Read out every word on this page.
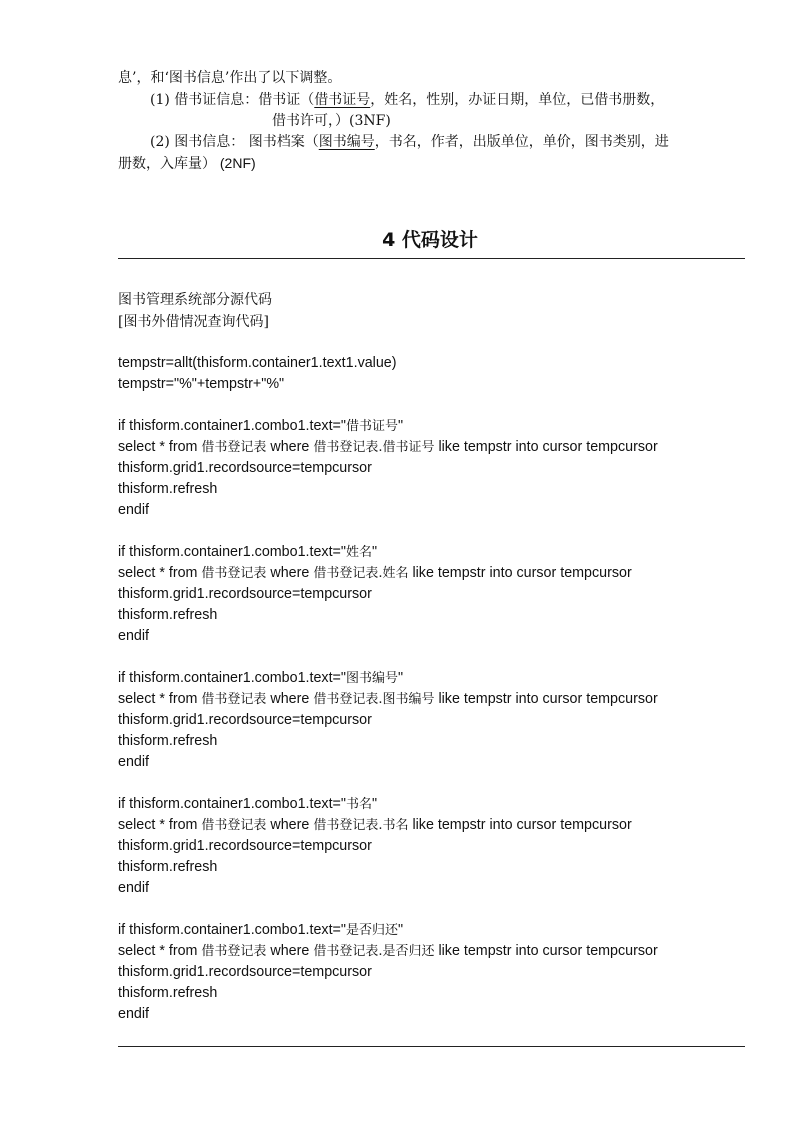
息’，和‘图书信息’作出了以下调整。
(1) 借书证信息：借书证（借书证号，姓名，性别，办证日期，单位，已借书册数，
借书许可，）(3NF)
(2) 图书信息： 图书档案（图书编号，书名，作者，出版单位，单价，图书类别，进
册数，入库量） (2NF)
4 代码设计
图书管理系统部分源代码
[图书外借情况查询代码]
tempstr=allt(thisform.container1.text1.value)
tempstr="%"+tempstr+"%"
if thisform.container1.combo1.text="借书证号"
select * from 借书登记表 where 借书登记表.借书证号 like tempstr into cursor tempcursor
thisform.grid1.recordsource=tempcursor
thisform.refresh
endif
if thisform.container1.combo1.text="姓名"
select * from 借书登记表 where 借书登记表.姓名 like tempstr into cursor tempcursor
thisform.grid1.recordsource=tempcursor
thisform.refresh
endif
if thisform.container1.combo1.text="图书编号"
select * from 借书登记表 where 借书登记表.图书编号 like tempstr into cursor tempcursor
thisform.grid1.recordsource=tempcursor
thisform.refresh
endif
if thisform.container1.combo1.text="书名"
select * from 借书登记表 where 借书登记表.书名 like tempstr into cursor tempcursor
thisform.grid1.recordsource=tempcursor
thisform.refresh
endif
if thisform.container1.combo1.text="是否归还"
select * from 借书登记表 where 借书登记表.是否归还 like tempstr into cursor tempcursor
thisform.grid1.recordsource=tempcursor
thisform.refresh
endif
